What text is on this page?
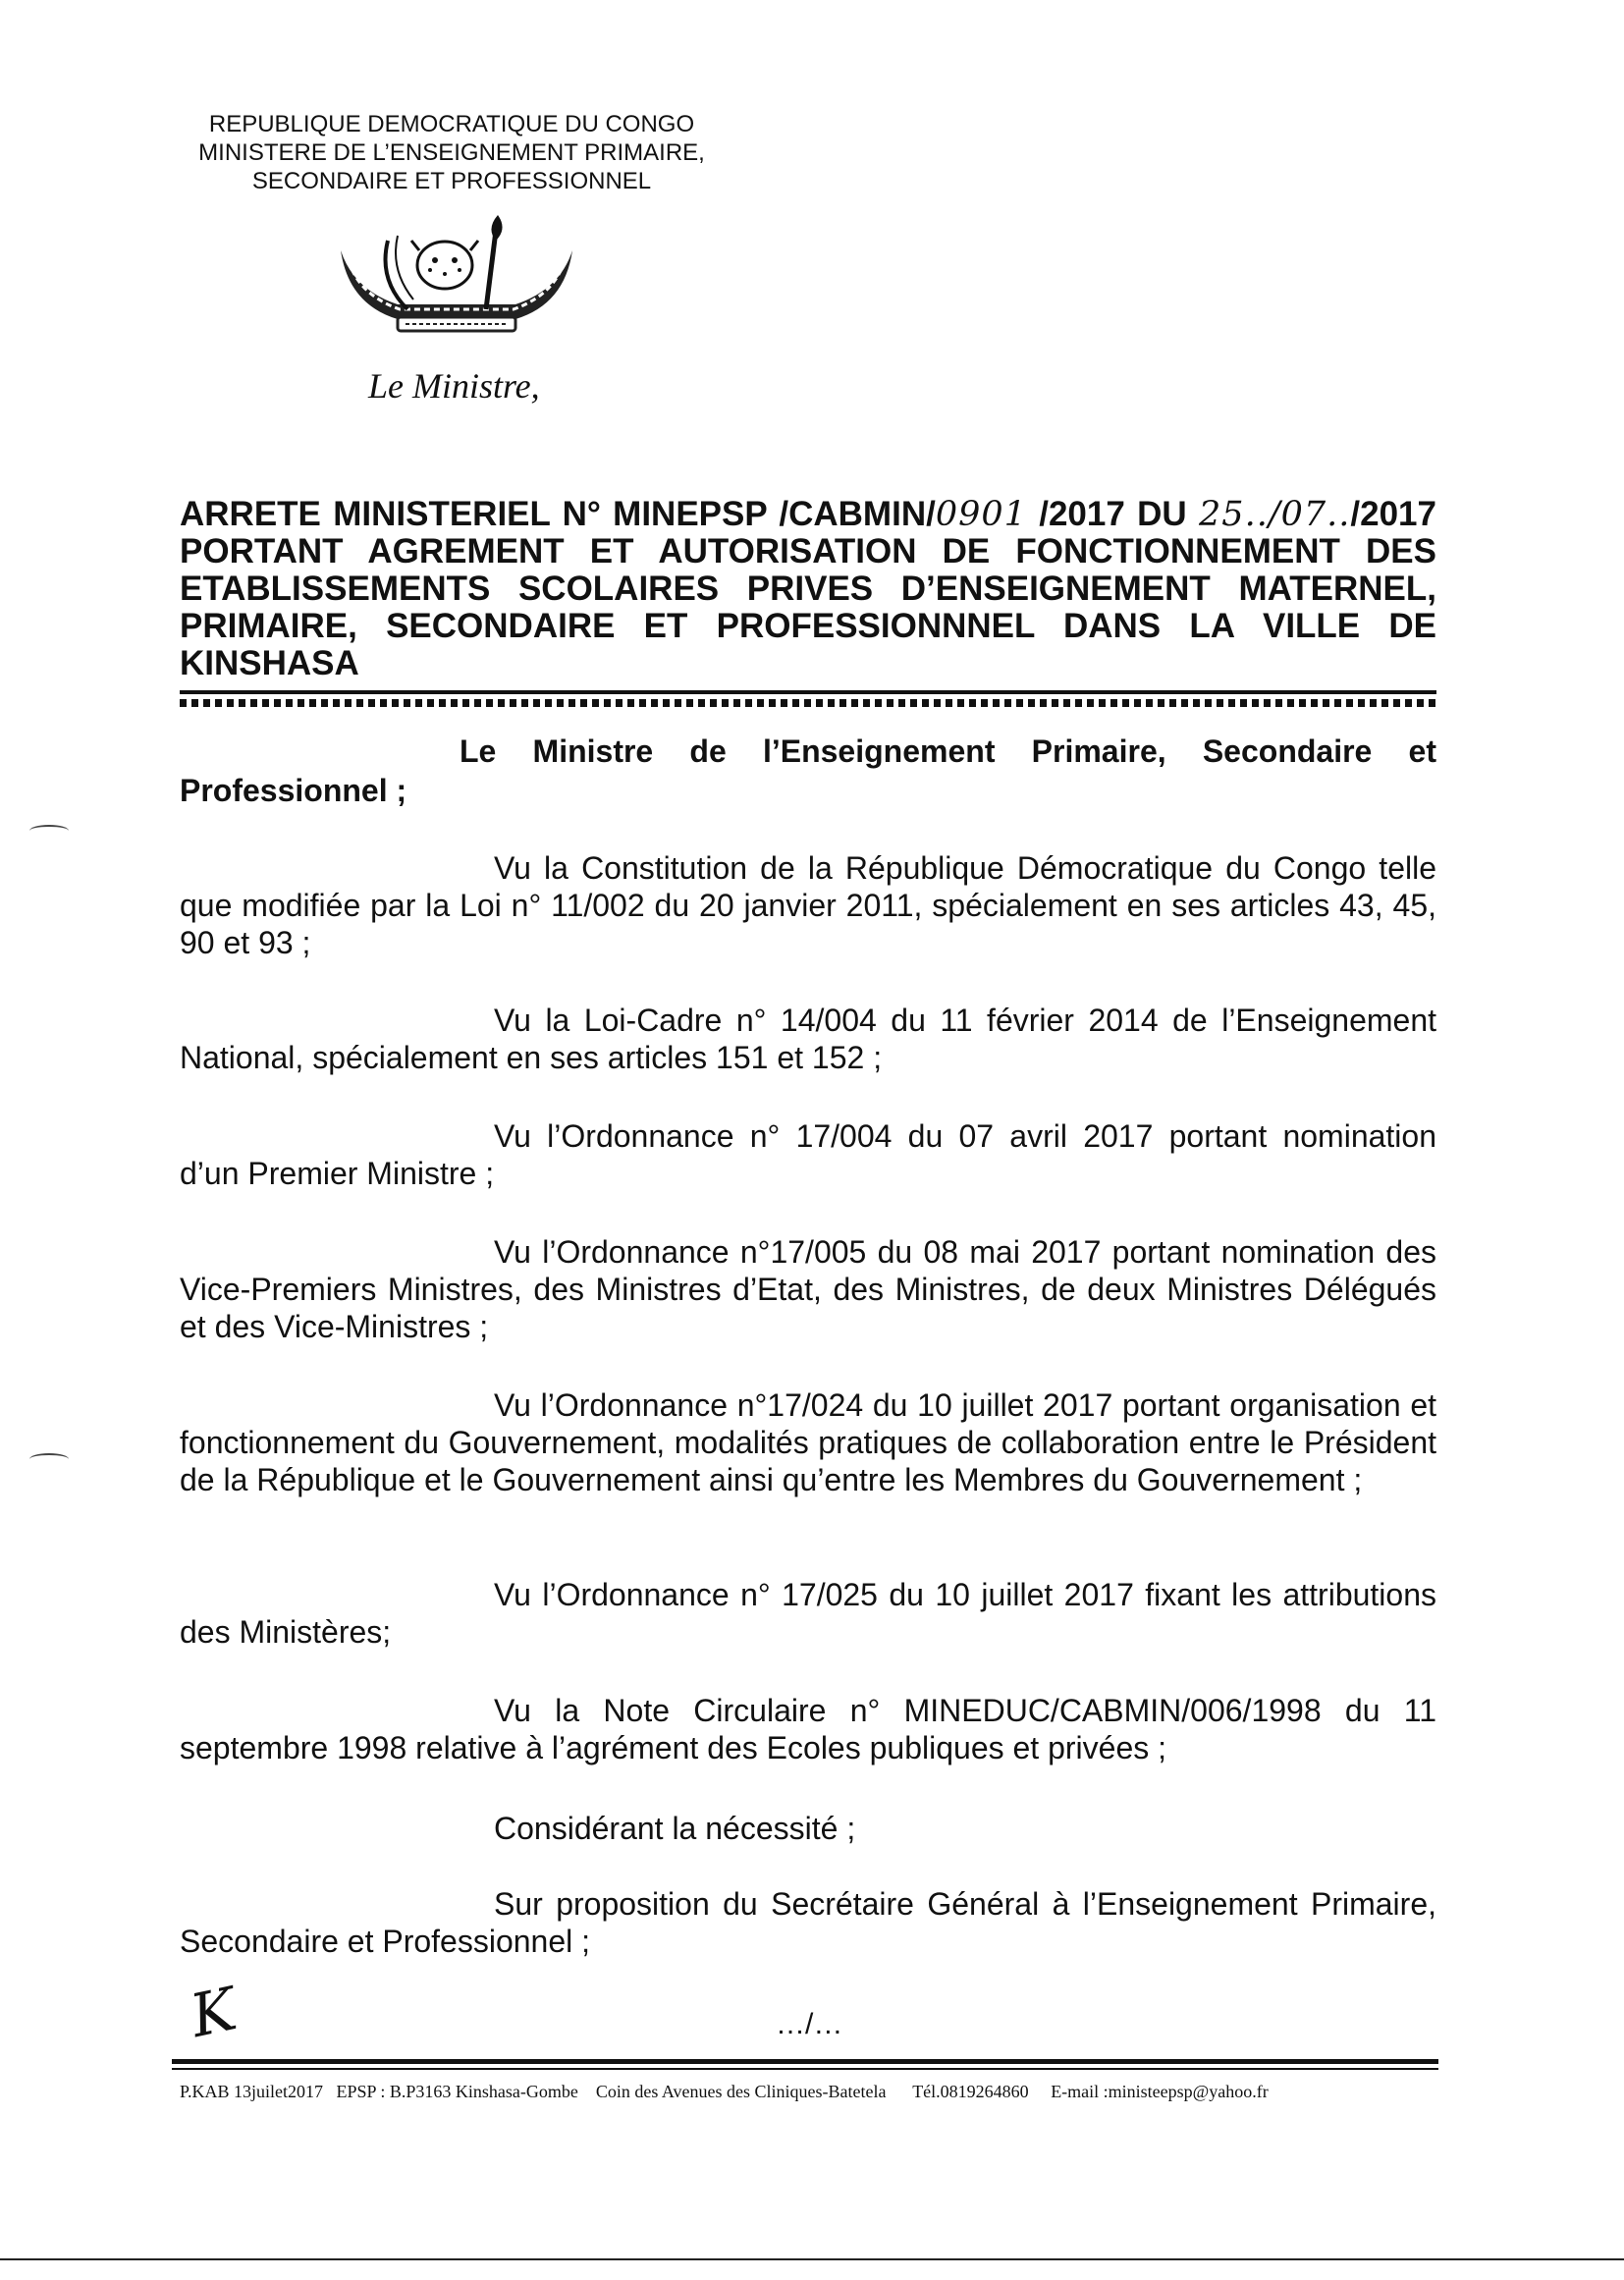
REPUBLIQUE DEMOCRATIQUE DU CONGO
MINISTERE DE L’ENSEIGNEMENT PRIMAIRE,
SECONDAIRE ET PROFESSIONNEL
Le Ministre,
ARRETE MINISTERIEL N° MINEPSP /CABMIN/0901 /2017 DU 25../07../2017
PORTANT AGREMENT ET AUTORISATION DE FONCTIONNEMENT DES
ETABLISSEMENTS SCOLAIRES PRIVES D’ENSEIGNEMENT MATERNEL,
PRIMAIRE, SECONDAIRE ET PROFESSIONNNEL DANS LA VILLE DE
KINSHASA

Le Ministre de l’Enseignement Primaire, Secondaire et Professionnel ;

Vu la Constitution de la République Démocratique du Congo telle que modifiée par la Loi n° 11/002 du 20 janvier 2011, spécialement en ses articles 43, 45, 90 et 93 ;

Vu la Loi-Cadre n° 14/004 du 11 février 2014 de l’Enseignement National, spécialement en ses articles 151 et 152 ;

Vu l’Ordonnance n° 17/004 du 07 avril 2017 portant nomination d’un Premier Ministre ;

Vu l’Ordonnance n°17/005 du 08 mai 2017 portant nomination des Vice-Premiers Ministres, des Ministres d’Etat, des Ministres, de deux Ministres Délégués et des Vice-Ministres ;

Vu l’Ordonnance n°17/024 du 10 juillet 2017 portant organisation et fonctionnement du Gouvernement, modalités pratiques de collaboration entre le Président de la République et le Gouvernement ainsi qu’entre les Membres du Gouvernement ;

Vu l’Ordonnance n° 17/025 du 10 juillet 2017 fixant les attributions des Ministères;

Vu la Note Circulaire n° MINEDUC/CABMIN/006/1998 du 11 septembre 1998 relative à l’agrément des Ecoles publiques et privées ;

Considérant la nécessité ;

Sur proposition du Secrétaire Général à l’Enseignement Primaire, Secondaire et Professionnel ;

K	…/…
P.KAB 13juilet2017 EPSP : B.P3163 Kinshasa-Gombe Coin des Avenues des Cliniques-Batetela Tél.0819264860 E-mail :ministeepsp@yahoo.fr
